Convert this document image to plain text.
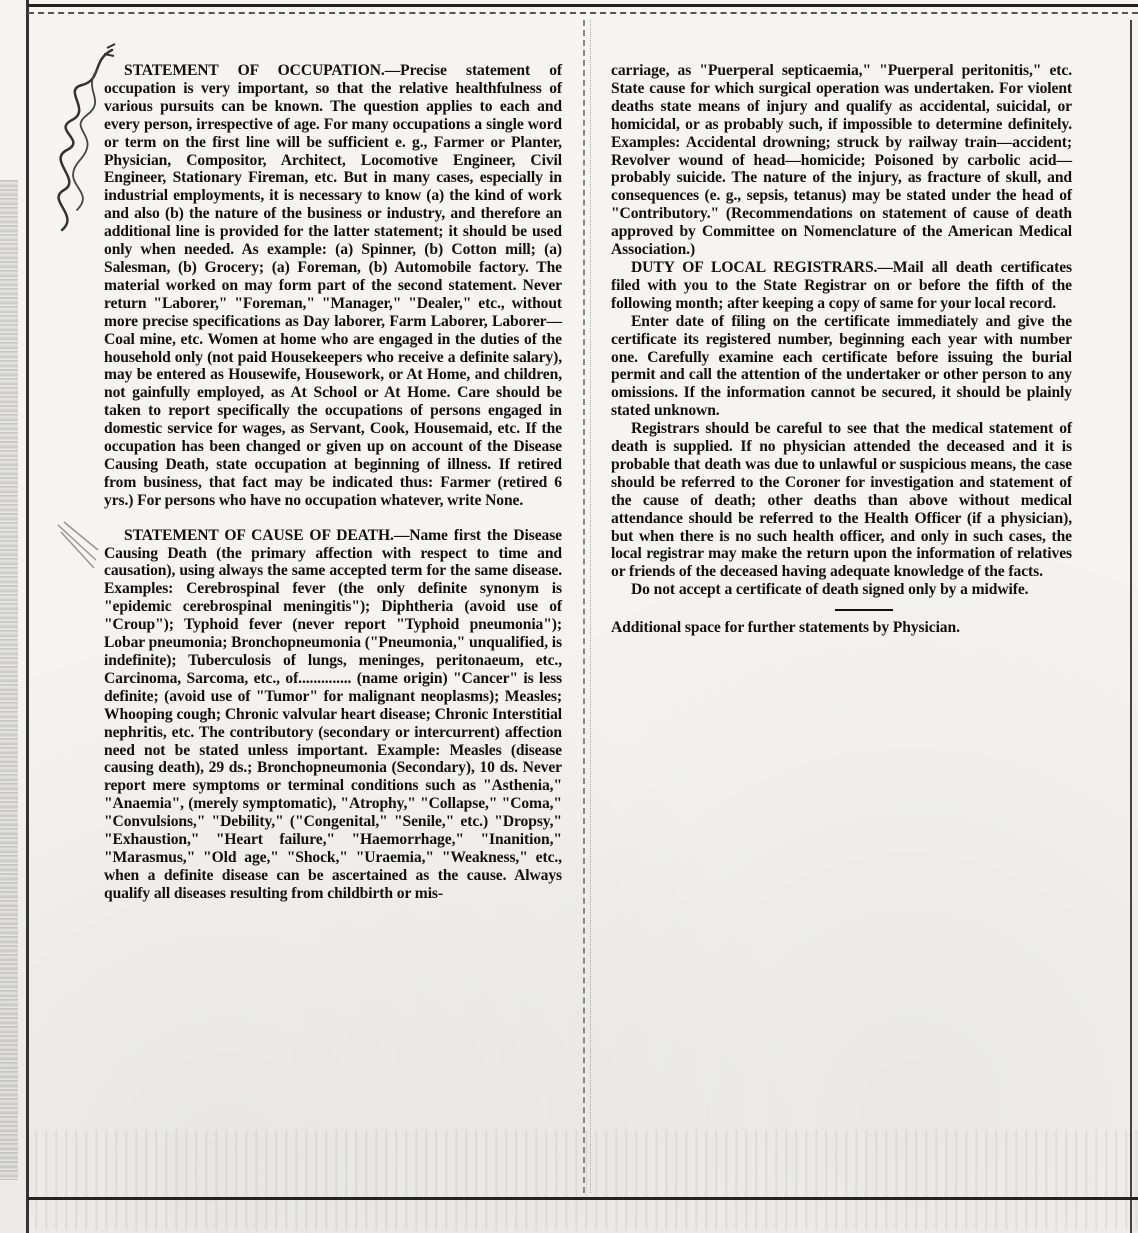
STATEMENT OF OCCUPATION.—Precise statement of occupation is very important, so that the relative healthfulness of various pursuits can be known. The question applies to each and every person, irrespective of age. For many occupations a single word or term on the first line will be sufficient e. g., Farmer or Planter, Physician, Compositor, Architect, Locomotive Engineer, Civil Engineer, Stationary Fireman, etc. But in many cases, especially in industrial employments, it is necessary to know (a) the kind of work and also (b) the nature of the business or industry, and therefore an additional line is provided for the latter statement; it should be used only when needed. As example: (a) Spinner, (b) Cotton mill; (a) Salesman, (b) Grocery; (a) Foreman, (b) Automobile factory. The material worked on may form part of the second statement. Never return "Laborer," "Foreman," "Manager," "Dealer," etc., without more precise specifications as Day laborer, Farm Laborer, Laborer—Coal mine, etc. Women at home who are engaged in the duties of the household only (not paid Housekeepers who receive a definite salary), may be entered as Housewife, Housework, or At Home, and children, not gainfully employed, as At School or At Home. Care should be taken to report specifically the occupations of persons engaged in domestic service for wages, as Servant, Cook, Housemaid, etc. If the occupation has been changed or given up on account of the Disease Causing Death, state occupation at beginning of illness. If retired from business, that fact may be indicated thus: Farmer (retired 6 yrs.) For persons who have no occupation whatever, write None.

STATEMENT OF CAUSE OF DEATH.—Name first the Disease Causing Death (the primary affection with respect to time and causation), using always the same accepted term for the same disease. Examples: Cerebrospinal fever (the only definite synonym is "epidemic cerebrospinal meningitis"); Diphtheria (avoid use of "Croup"); Typhoid fever (never report "Typhoid pneumonia"); Lobar pneumonia; Bronchopneumonia ("Pneumonia," unqualified, is indefinite); Tuberculosis of lungs, meninges, peritonaeum, etc., Carcinoma, Sarcoma, etc., of.............. (name origin) "Cancer" is less definite; (avoid use of "Tumor" for malignant neoplasms); Measles; Whooping cough; Chronic valvular heart disease; Chronic Interstitial nephritis, etc. The contributory (secondary or intercurrent) affection need not be stated unless important. Example: Measles (disease causing death), 29 ds.; Bronchopneumonia (Secondary), 10 ds. Never report mere symptoms or terminal conditions such as "Asthenia," "Anaemia", (merely symptomatic), "Atrophy," "Collapse," "Coma," "Convulsions," "Debility," ("Congenital," "Senile," etc.) "Dropsy," "Exhaustion," "Heart failure," "Haemorrhage," "Inanition," "Marasmus," "Old age," "Shock," "Uraemia," "Weakness," etc., when a definite disease can be ascertained as the cause. Always qualify all diseases resulting from childbirth or mis-

carriage, as "Puerperal septicaemia," "Puerperal peritonitis," etc. State cause for which surgical operation was undertaken. For violent deaths state means of injury and qualify as accidental, suicidal, or homicidal, or as probably such, if impossible to determine definitely. Examples: Accidental drowning; struck by railway train—accident; Revolver wound of head—homicide; Poisoned by carbolic acid—probably suicide. The nature of the injury, as fracture of skull, and consequences (e. g., sepsis, tetanus) may be stated under the head of "Contributory." (Recommendations on statement of cause of death approved by Committee on Nomenclature of the American Medical Association.)

DUTY OF LOCAL REGISTRARS.—Mail all death certificates filed with you to the State Registrar on or before the fifth of the following month; after keeping a copy of same for your local record.

Enter date of filing on the certificate immediately and give the certificate its registered number, beginning each year with number one. Carefully examine each certificate before issuing the burial permit and call the attention of the undertaker or other person to any omissions. If the information cannot be secured, it should be plainly stated unknown.

Registrars should be careful to see that the medical statement of death is supplied. If no physician attended the deceased and it is probable that death was due to unlawful or suspicious means, the case should be referred to the Coroner for investigation and statement of the cause of death; other deaths than above without medical attendance should be referred to the Health Officer (if a physician), but when there is no such health officer, and only in such cases, the local registrar may make the return upon the information of relatives or friends of the deceased having adequate knowledge of the facts.

Do not accept a certificate of death signed only by a midwife.

Additional space for further statements by Physician.
